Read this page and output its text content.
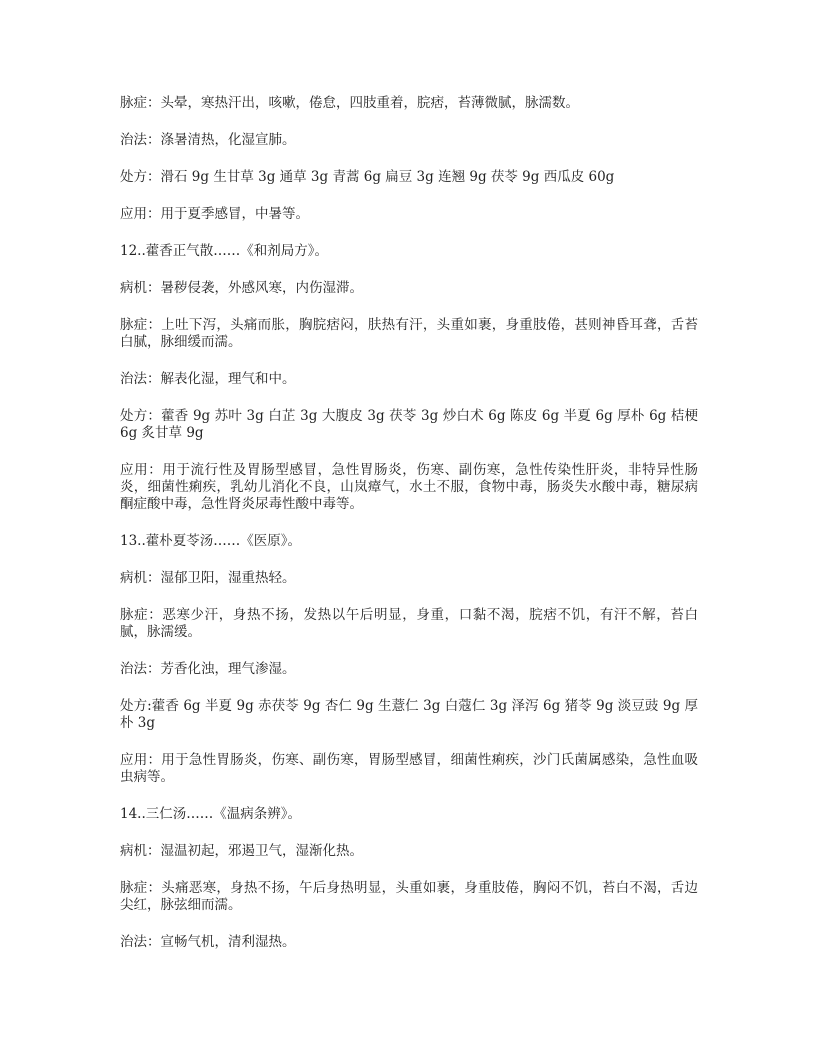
脉症：头晕，寒热汗出，咳嗽，倦怠，四肢重着，脘痞，苔薄微腻，脉濡数。

治法：涤暑清热，化湿宣肺。

处方：滑石 9g 生甘草 3g 通草 3g 青蒿 6g 扁豆 3g 连翘 9g 茯苓 9g 西瓜皮 60g

应用：用于夏季感冒，中暑等。

12..藿香正气散……《和剂局方》。

病机：暑秽侵袭，外感风寒，内伤湿滞。

脉症：上吐下泻，头痛而胀，胸脘痞闷，肤热有汗，头重如裹，身重肢倦，甚则神昏耳聋，舌苔白腻，脉细缓而濡。

治法：解表化湿，理气和中。

处方：藿香 9g 苏叶 3g 白芷 3g 大腹皮 3g 茯苓 3g 炒白术 6g 陈皮 6g 半夏 6g 厚朴 6g 桔梗 6g 炙甘草 9g

应用：用于流行性及胃肠型感冒，急性胃肠炎，伤寒、副伤寒，急性传染性肝炎，非特异性肠炎，细菌性痢疾，乳幼儿消化不良，山岚瘴气，水土不服，食物中毒，肠炎失水酸中毒，糖尿病酮症酸中毒，急性肾炎尿毒性酸中毒等。

13..藿朴夏苓汤……《医原》。

病机：湿郁卫阳，湿重热轻。

脉症：恶寒少汗，身热不扬，发热以午后明显，身重，口黏不渴，脘痞不饥，有汗不解，苔白腻，脉濡缓。

治法：芳香化浊，理气渗湿。

处方:藿香 6g 半夏 9g 赤茯苓 9g 杏仁 9g 生薏仁 3g 白蔻仁 3g 泽泻 6g 猪苓 9g 淡豆豉 9g 厚朴 3g

应用：用于急性胃肠炎，伤寒、副伤寒，胃肠型感冒，细菌性痢疾，沙门氏菌属感染，急性血吸虫病等。

14..三仁汤……《温病条辨》。

病机：湿温初起，邪遏卫气，湿渐化热。

脉症：头痛恶寒，身热不扬，午后身热明显，头重如裹，身重肢倦，胸闷不饥，苔白不渴，舌边尖红，脉弦细而濡。

治法：宣畅气机，清利湿热。
